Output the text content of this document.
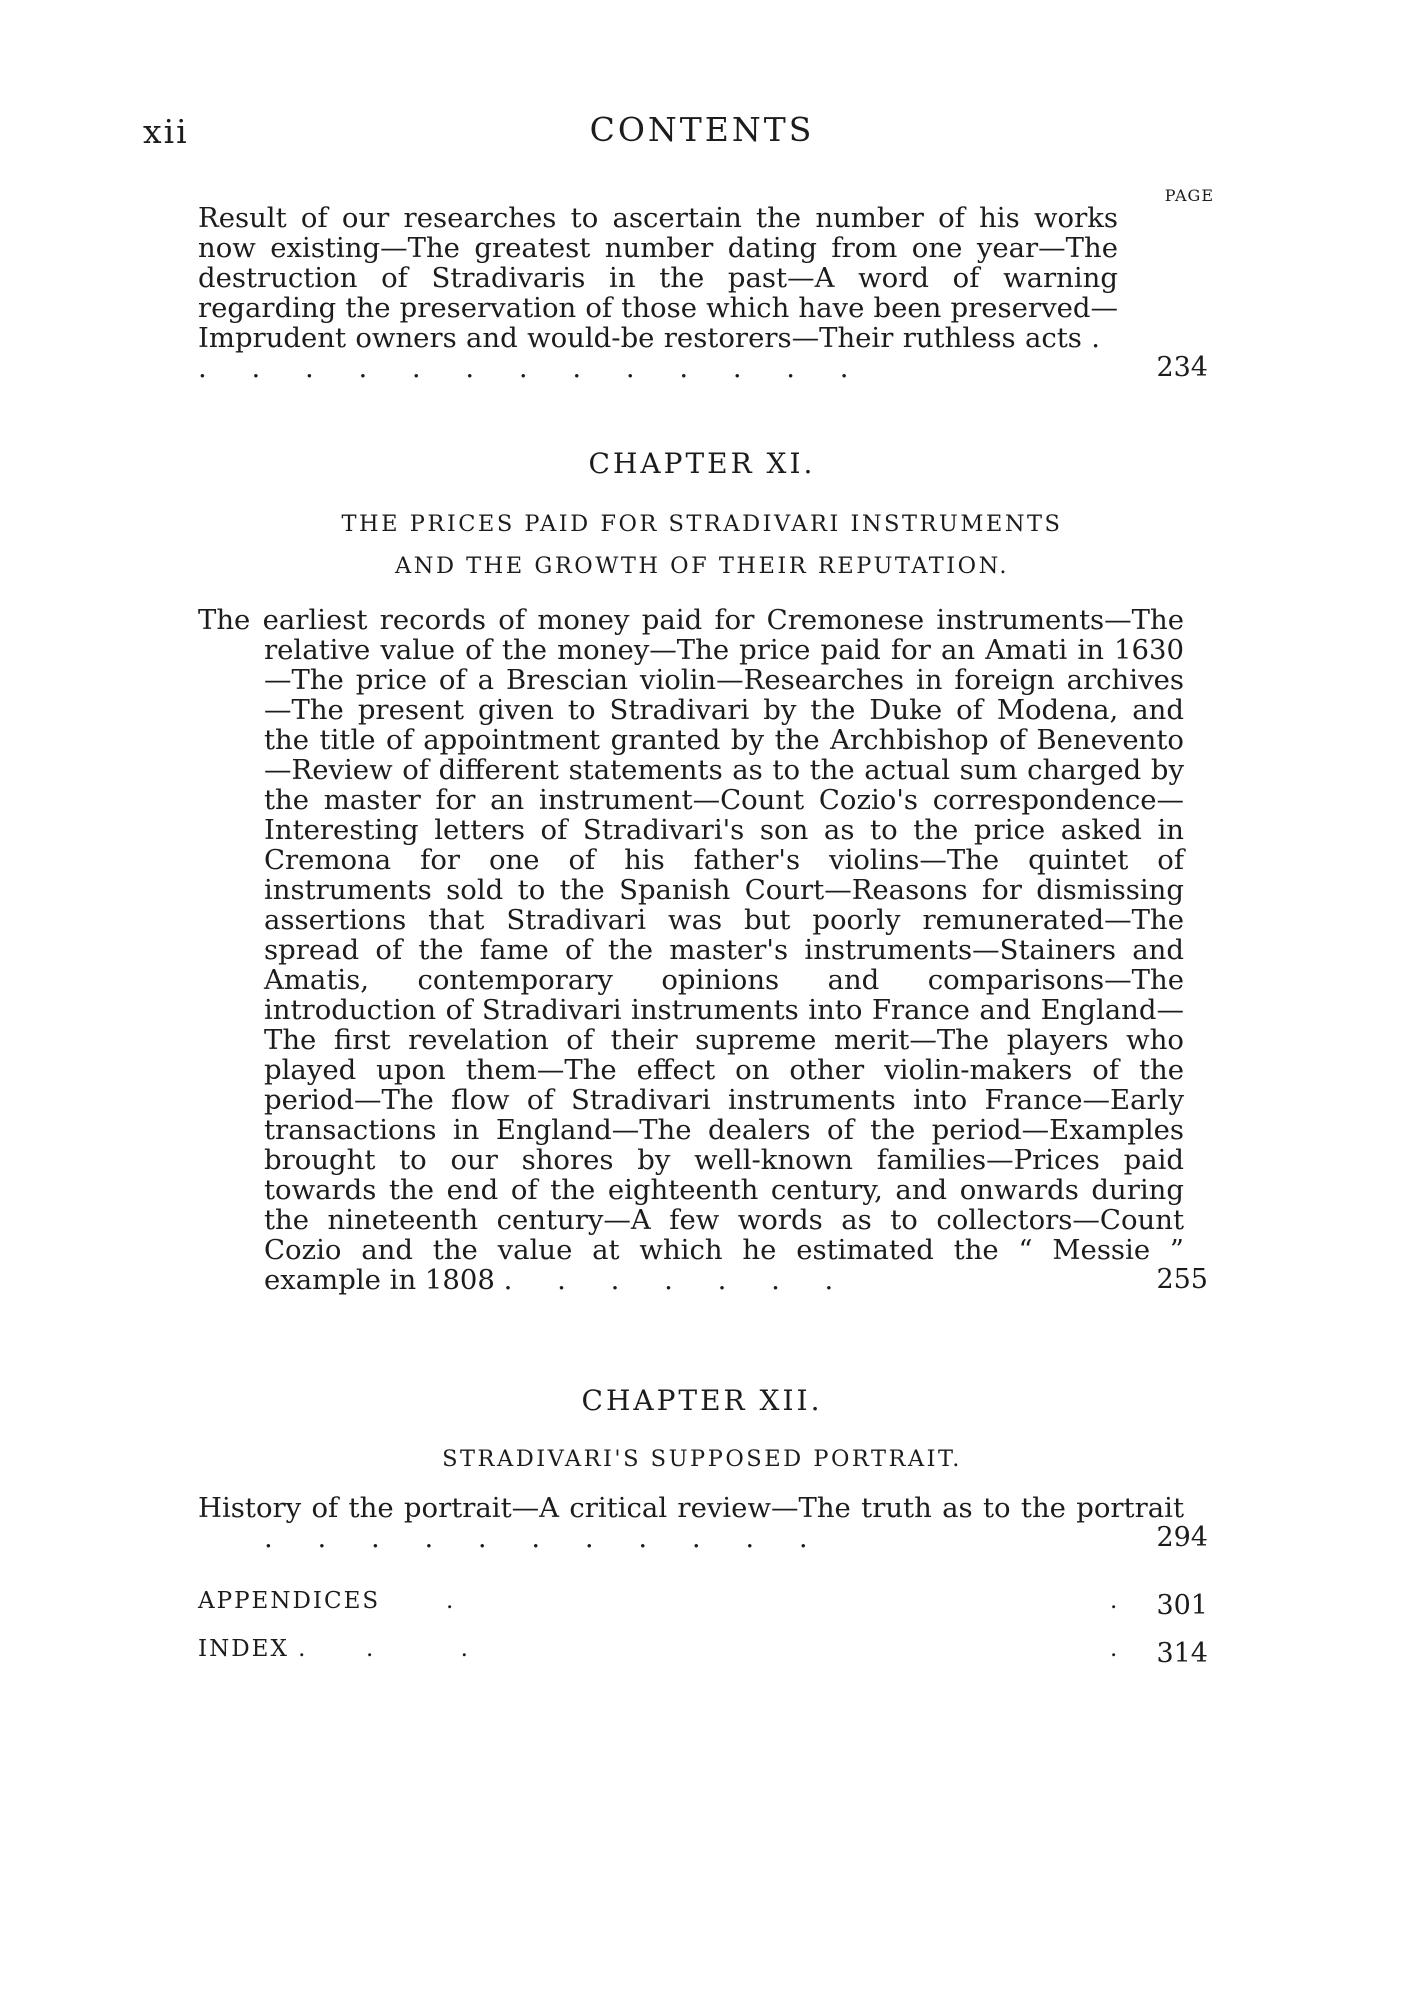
xii	CONTENTS
PAGE
Result of our researches to ascertain the number of his works now existing—The greatest number dating from one year—The destruction of Stradivaris in the past—A word of warning regarding the preservation of those which have been preserved—Imprudent owners and would-be restorers—Their ruthless acts . . . . . . . . . . . . . .	234
CHAPTER XI.
THE PRICES PAID FOR STRADIVARI INSTRUMENTS
AND THE GROWTH OF THEIR REPUTATION.
The earliest records of money paid for Cremonese instruments—The relative value of the money—The price paid for an Amati in 1630—The price of a Brescian violin—Researches in foreign archives—The present given to Stradivari by the Duke of Modena, and the title of appointment granted by the Archbishop of Benevento—Review of different statements as to the actual sum charged by the master for an instrument—Count Cozio's correspondence—Interesting letters of Stradivari's son as to the price asked in Cremona for one of his father's violins—The quintet of instruments sold to the Spanish Court—Reasons for dismissing assertions that Stradivari was but poorly remunerated—The spread of the fame of the master's instruments—Stainers and Amatis, contemporary opinions and comparisons—The introduction of Stradivari instruments into France and England—The first revelation of their supreme merit—The players who played upon them—The effect on other violin-makers of the period—The flow of Stradivari instruments into France—Early transactions in England—The dealers of the period—Examples brought to our shores by well-known families—Prices paid towards the end of the eighteenth century, and onwards during the nineteenth century—A few words as to collectors—Count Cozio and the value at which he estimated the “ Messie ” example in 1808 . . . . . . .	255
CHAPTER XII.
STRADIVARI'S SUPPOSED PORTRAIT.
History of the portrait—A critical review—The truth as to the portrait . . . . . . . . . . .	294
APPENDICES	.	. 301
INDEX .	. .	. 314
